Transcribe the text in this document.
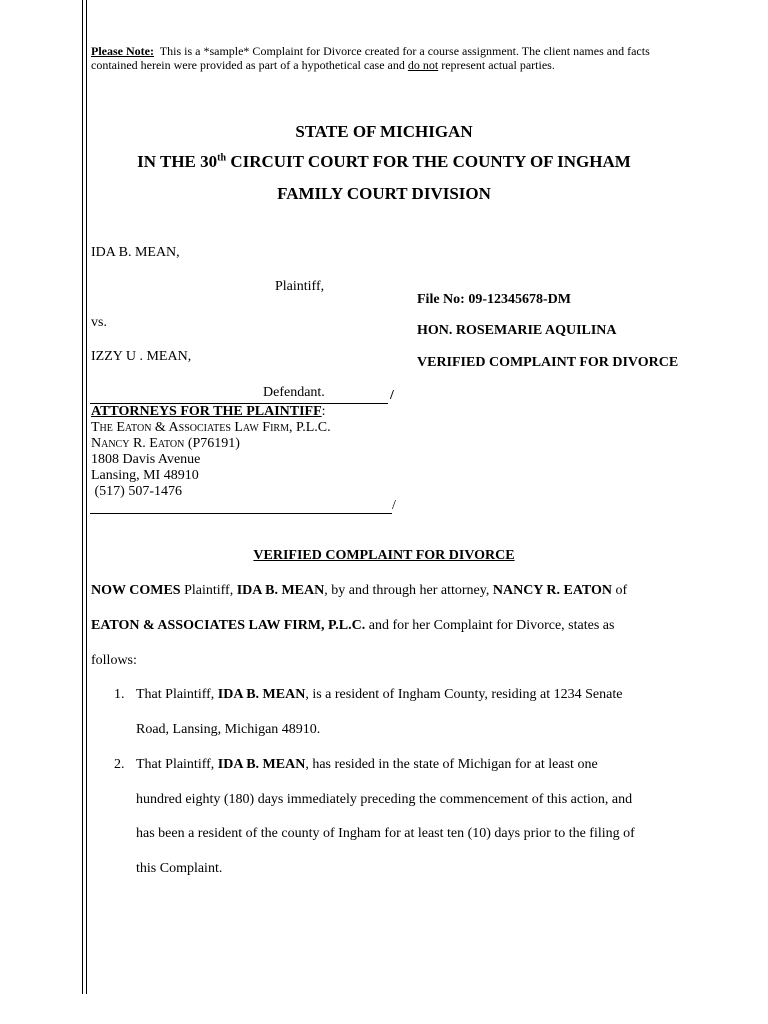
Please Note: This is a *sample* Complaint for Divorce created for a course assignment. The client names and facts contained herein were provided as part of a hypothetical case and do not represent actual parties.
STATE OF MICHIGAN
IN THE 30th CIRCUIT COURT FOR THE COUNTY OF INGHAM
FAMILY COURT DIVISION
IDA B. MEAN,
Plaintiff,
vs.
IZZY U . MEAN,
Defendant.	/
File No: 09-12345678-DM
HON. ROSEMARIE AQUILINA
VERIFIED COMPLAINT FOR DIVORCE
ATTORNEYS FOR THE PLAINTIFF:
The Eaton & Associates Law Firm, P.L.C.
Nancy R. Eaton (P76191)
1808 Davis Avenue
Lansing, MI 48910
(517) 507-1476
/
VERIFIED COMPLAINT FOR DIVORCE
NOW COMES Plaintiff, IDA B. MEAN, by and through her attorney, NANCY R. EATON of
EATON & ASSOCIATES LAW FIRM, P.L.C. and for her Complaint for Divorce, states as
follows:
1. That Plaintiff, IDA B. MEAN, is a resident of Ingham County, residing at 1234 Senate
Road, Lansing, Michigan 48910.
2. That Plaintiff, IDA B. MEAN, has resided in the state of Michigan for at least one
hundred eighty (180) days immediately preceding the commencement of this action, and
has been a resident of the county of Ingham for at least ten (10) days prior to the filing of
this Complaint.
